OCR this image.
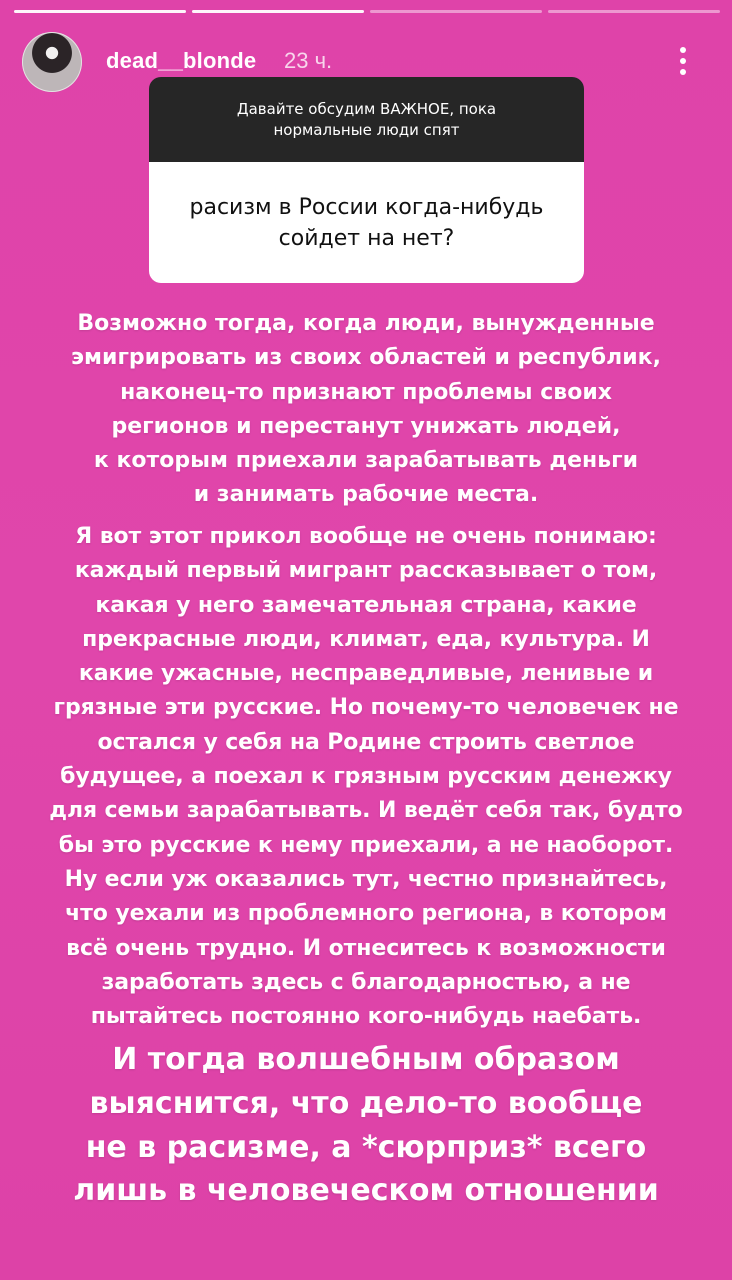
dead__blonde 23 ч.
Давайте обсудим ВАЖНОЕ, пока нормальные люди спят
расизм в России когда-нибудь сойдет на нет?
Возможно тогда, когда люди, вынужденные
эмигрировать из своих областей и республик,
наконец-то признают проблемы своих
регионов и перестанут унижать людей,
к которым приехали зарабатывать деньги
и занимать рабочие места.
Я вот этот прикол вообще не очень понимаю:
каждый первый мигрант рассказывает о том,
какая у него замечательная страна, какие
прекрасные люди, климат, еда, культура. И
какие ужасные, несправедливые, ленивые и
грязные эти русские. Но почему-то человечек не
остался у себя на Родине строить светлое
будущее, а поехал к грязным русским денежку
для семьи зарабатывать. И ведёт себя так, будто
бы это русские к нему приехали, а не наоборот.
Ну если уж оказались тут, честно признайтесь,
что уехали из проблемного региона, в котором
всё очень трудно. И отнеситесь к возможности
заработать здесь с благодарностью, а не
пытайтесь постоянно кого-нибудь наебать.
И тогда волшебным образом
выяснится, что дело-то вообще
не в расизме, а *сюрприз* всего
лишь в человеческом отношении
